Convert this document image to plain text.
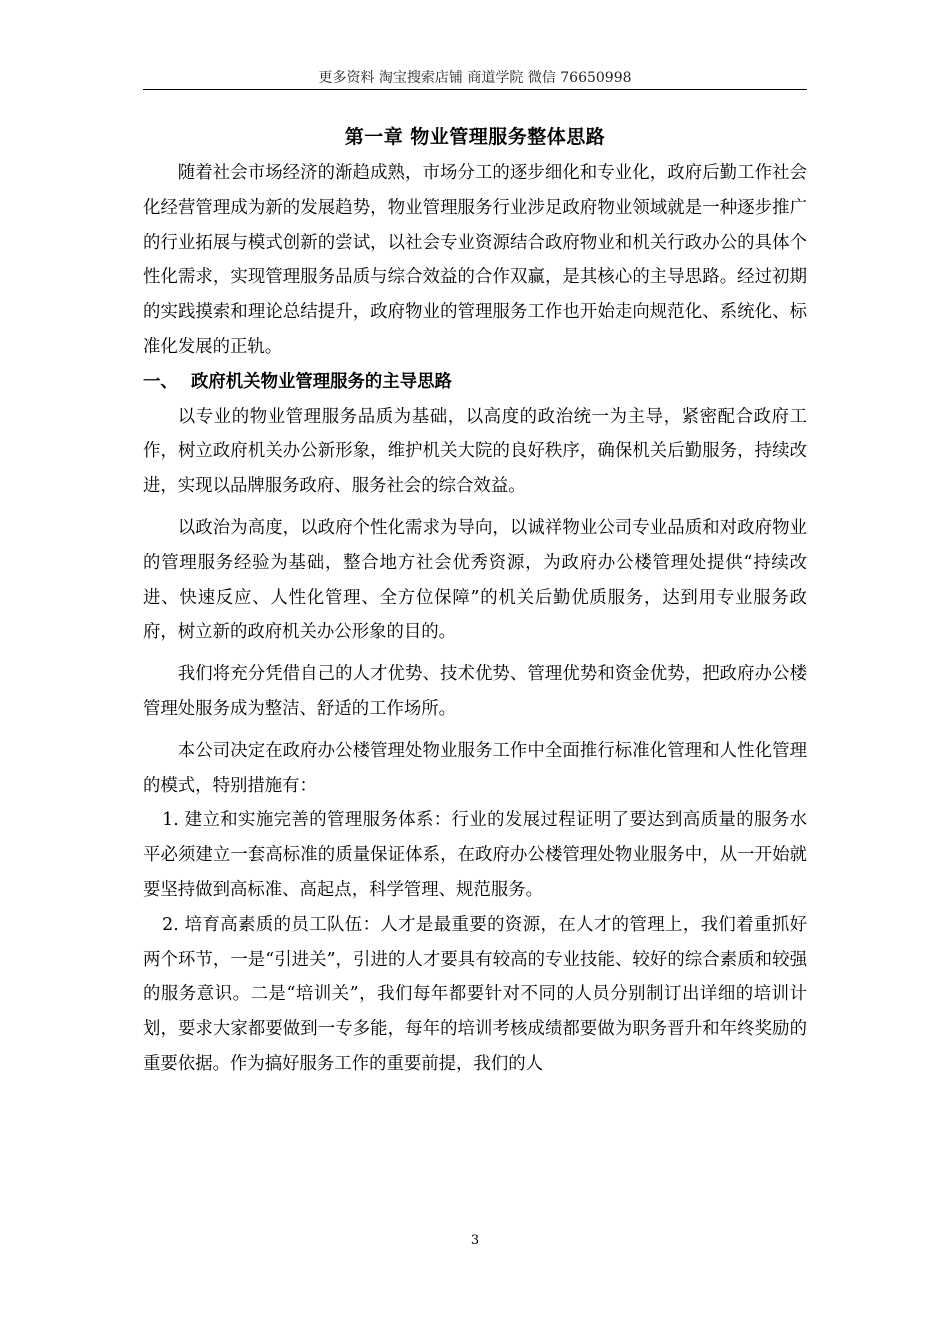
更多资料 淘宝搜索店铺 商道学院 微信 76650998
第一章 物业管理服务整体思路

随着社会市场经济的渐趋成熟，市场分工的逐步细化和专业化，政府后勤工作社会化经营管理成为新的发展趋势，物业管理服务行业涉足政府物业领域就是一种逐步推广的行业拓展与模式创新的尝试，以社会专业资源结合政府物业和机关行政办公的具体个性化需求，实现管理服务品质与综合效益的合作双赢，是其核心的主导思路。经过初期的实践摸索和理论总结提升，政府物业的管理服务工作也开始走向规范化、系统化、标准化发展的正轨。

一、 政府机关物业管理服务的主导思路

以专业的物业管理服务品质为基础，以高度的政治统一为主导，紧密配合政府工作，树立政府机关办公新形象，维护机关大院的良好秩序，确保机关后勤服务，持续改进，实现以品牌服务政府、服务社会的综合效益。

以政治为高度，以政府个性化需求为导向，以诚祥物业公司专业品质和对政府物业的管理服务经验为基础，整合地方社会优秀资源，为政府办公楼管理处提供“持续改进、快速反应、人性化管理、全方位保障”的机关后勤优质服务，达到用专业服务政府，树立新的政府机关办公形象的目的。

我们将充分凭借自己的人才优势、技术优势、管理优势和资金优势，把政府办公楼管理处服务成为整洁、舒适的工作场所。

本公司决定在政府办公楼管理处物业服务工作中全面推行标准化管理和人性化管理的模式，特别措施有：

1. 建立和实施完善的管理服务体系：行业的发展过程证明了要达到高质量的服务水平必须建立一套高标准的质量保证体系，在政府办公楼管理处物业服务中，从一开始就要坚持做到高标准、高起点，科学管理、规范服务。

2. 培育高素质的员工队伍：人才是最重要的资源，在人才的管理上，我们着重抓好两个环节，一是“引进关”，引进的人才要具有较高的专业技能、较好的综合素质和较强的服务意识。二是“培训关”，我们每年都要针对不同的人员分别制订出详细的培训计划，要求大家都要做到一专多能，每年的培训考核成绩都要做为职务晋升和年终奖励的重要依据。作为搞好服务工作的重要前提，我们的人

3
